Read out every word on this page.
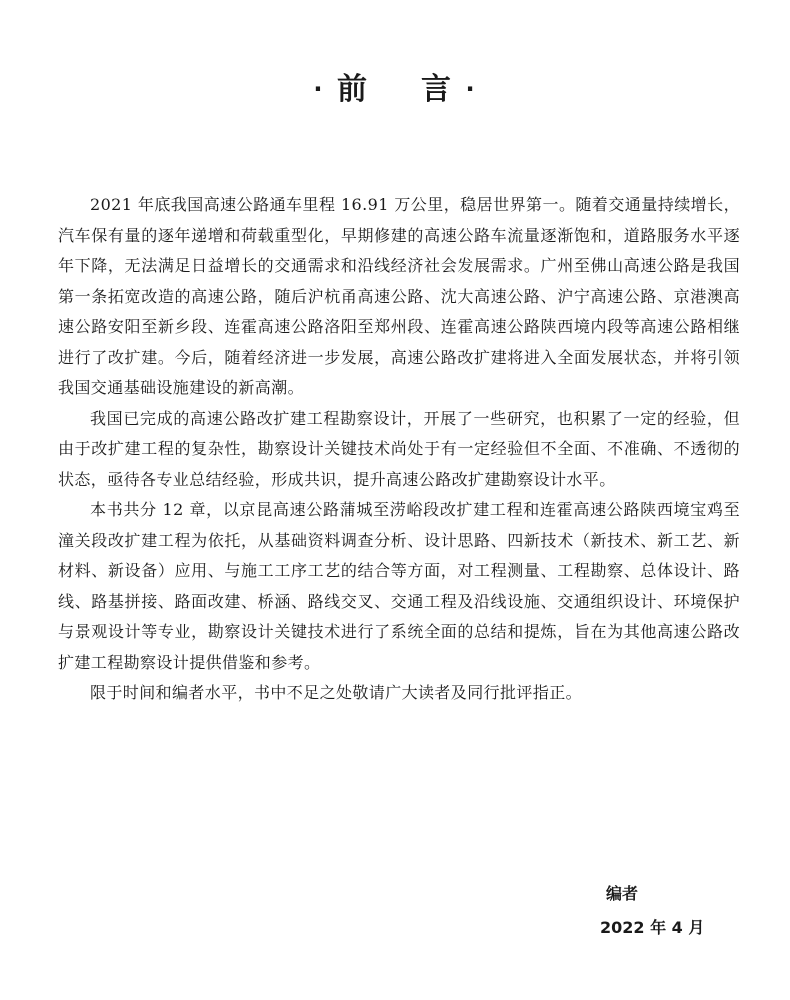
· 前 言 ·

2021 年底我国高速公路通车里程 16.91 万公里，稳居世界第一。随着交通量持续增长，汽车保有量的逐年递增和荷载重型化，早期修建的高速公路车流量逐渐饱和，道路服务水平逐年下降，无法满足日益增长的交通需求和沿线经济社会发展需求。广州至佛山高速公路是我国第一条拓宽改造的高速公路，随后沪杭甬高速公路、沈大高速公路、沪宁高速公路、京港澳高速公路安阳至新乡段、连霍高速公路洛阳至郑州段、连霍高速公路陕西境内段等高速公路相继进行了改扩建。今后，随着经济进一步发展，高速公路改扩建将进入全面发展状态，并将引领我国交通基础设施建设的新高潮。

我国已完成的高速公路改扩建工程勘察设计，开展了一些研究，也积累了一定的经验，但由于改扩建工程的复杂性，勘察设计关键技术尚处于有一定经验但不全面、不准确、不透彻的状态，亟待各专业总结经验，形成共识，提升高速公路改扩建勘察设计水平。

本书共分 12 章，以京昆高速公路蒲城至涝峪段改扩建工程和连霍高速公路陕西境宝鸡至潼关段改扩建工程为依托，从基础资料调查分析、设计思路、四新技术（新技术、新工艺、新材料、新设备）应用、与施工工序工艺的结合等方面，对工程测量、工程勘察、总体设计、路线、路基拼接、路面改建、桥涵、路线交叉、交通工程及沿线设施、交通组织设计、环境保护与景观设计等专业，勘察设计关键技术进行了系统全面的总结和提炼，旨在为其他高速公路改扩建工程勘察设计提供借鉴和参考。

限于时间和编者水平，书中不足之处敬请广大读者及同行批评指正。

编者
2022 年 4 月
